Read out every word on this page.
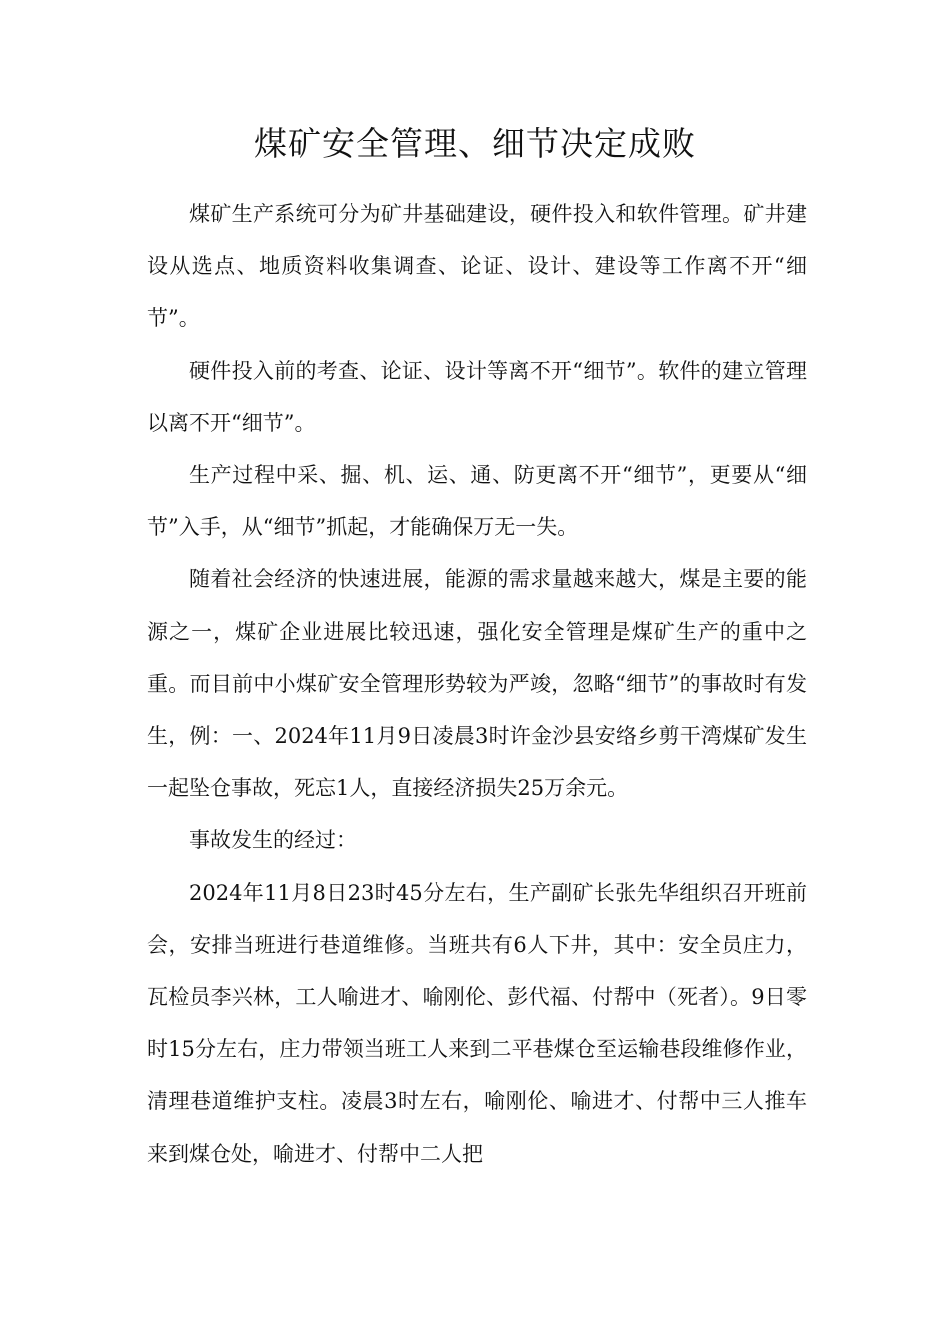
煤矿安全管理、细节决定成败

煤矿生产系统可分为矿井基础建设，硬件投入和软件管理。矿井建设从选点、地质资料收集调查、论证、设计、建设等工作离不开“细节”。

硬件投入前的考查、论证、设计等离不开“细节”。软件的建立管理以离不开“细节”。

生产过程中采、掘、机、运、通、防更离不开“细节”，更要从“细节”入手，从“细节”抓起，才能确保万无一失。

随着社会经济的快速进展，能源的需求量越来越大，煤是主要的能源之一，煤矿企业进展比较迅速，强化安全管理是煤矿生产的重中之重。而目前中小煤矿安全管理形势较为严竣，忽略“细节”的事故时有发生，例：一、2024年11月9日凌晨3时许金沙县安络乡剪干湾煤矿发生一起坠仓事故，死忘1人，直接经济损失25万余元。

事故发生的经过：

2024年11月8日23时45分左右，生产副矿长张先华组织召开班前会，安排当班进行巷道维修。当班共有6人下井，其中：安全员庄力，瓦检员李兴林，工人喻进才、喻刚伦、彭代福、付帮中（死者）。9日零时15分左右，庄力带领当班工人来到二平巷煤仓至运输巷段维修作业，清理巷道维护支柱。凌晨3时左右，喻刚伦、喻进才、付帮中三人推车来到煤仓处，喻进才、付帮中二人把
